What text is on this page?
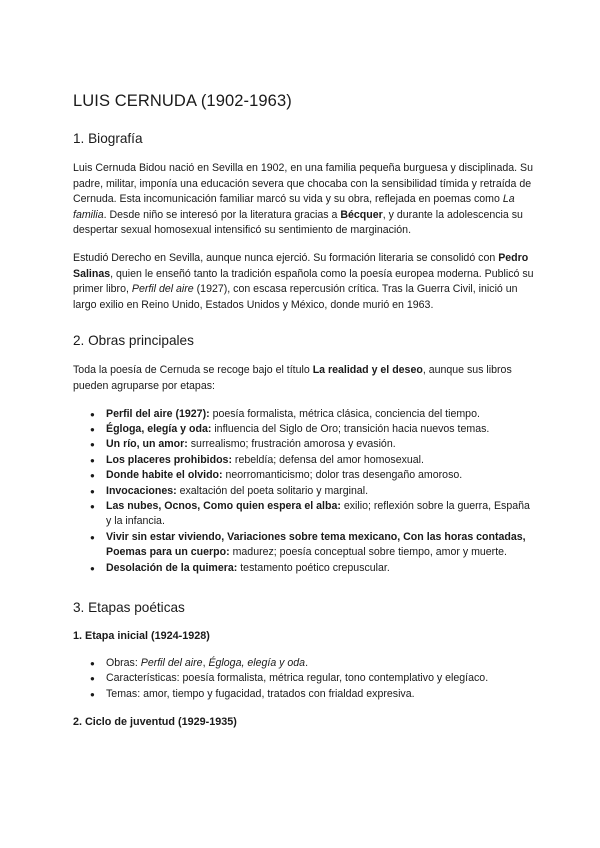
LUIS CERNUDA (1902-1963)
1. Biografía

Luis Cernuda Bidou nació en Sevilla en 1902, en una familia pequeña burguesa y disciplinada. Su padre, militar, imponía una educación severa que chocaba con la sensibilidad tímida y retraída de Cernuda. Esta incomunicación familiar marcó su vida y su obra, reflejada en poemas como La familia. Desde niño se interesó por la literatura gracias a Bécquer, y durante la adolescencia su despertar sexual homosexual intensificó su sentimiento de marginación.

Estudió Derecho en Sevilla, aunque nunca ejerció. Su formación literaria se consolidó con Pedro Salinas, quien le enseñó tanto la tradición española como la poesía europea moderna. Publicó su primer libro, Perfil del aire (1927), con escasa repercusión crítica. Tras la Guerra Civil, inició un largo exilio en Reino Unido, Estados Unidos y México, donde murió en 1963.

2. Obras principales

Toda la poesía de Cernuda se recoge bajo el título La realidad y el deseo, aunque sus libros pueden agruparse por etapas:

● Perfil del aire (1927): poesía formalista, métrica clásica, conciencia del tiempo.
● Égloga, elegía y oda: influencia del Siglo de Oro; transición hacia nuevos temas.
● Un río, un amor: surrealismo; frustración amorosa y evasión.
● Los placeres prohibidos: rebeldía; defensa del amor homosexual.
● Donde habite el olvido: neorromanticismo; dolor tras desengaño amoroso.
● Invocaciones: exaltación del poeta solitario y marginal.
● Las nubes, Ocnos, Como quien espera el alba: exilio; reflexión sobre la guerra, España y la infancia.
● Vivir sin estar viviendo, Variaciones sobre tema mexicano, Con las horas contadas, Poemas para un cuerpo: madurez; poesía conceptual sobre tiempo, amor y muerte.
● Desolación de la quimera: testamento poético crepuscular.
3. Etapas poéticas
1. Etapa inicial (1924-1928)
● Obras: Perfil del aire, Égloga, elegía y oda.
● Características: poesía formalista, métrica regular, tono contemplativo y elegíaco.
● Temas: amor, tiempo y fugacidad, tratados con frialdad expresiva.
2. Ciclo de juventud (1929-1935)
